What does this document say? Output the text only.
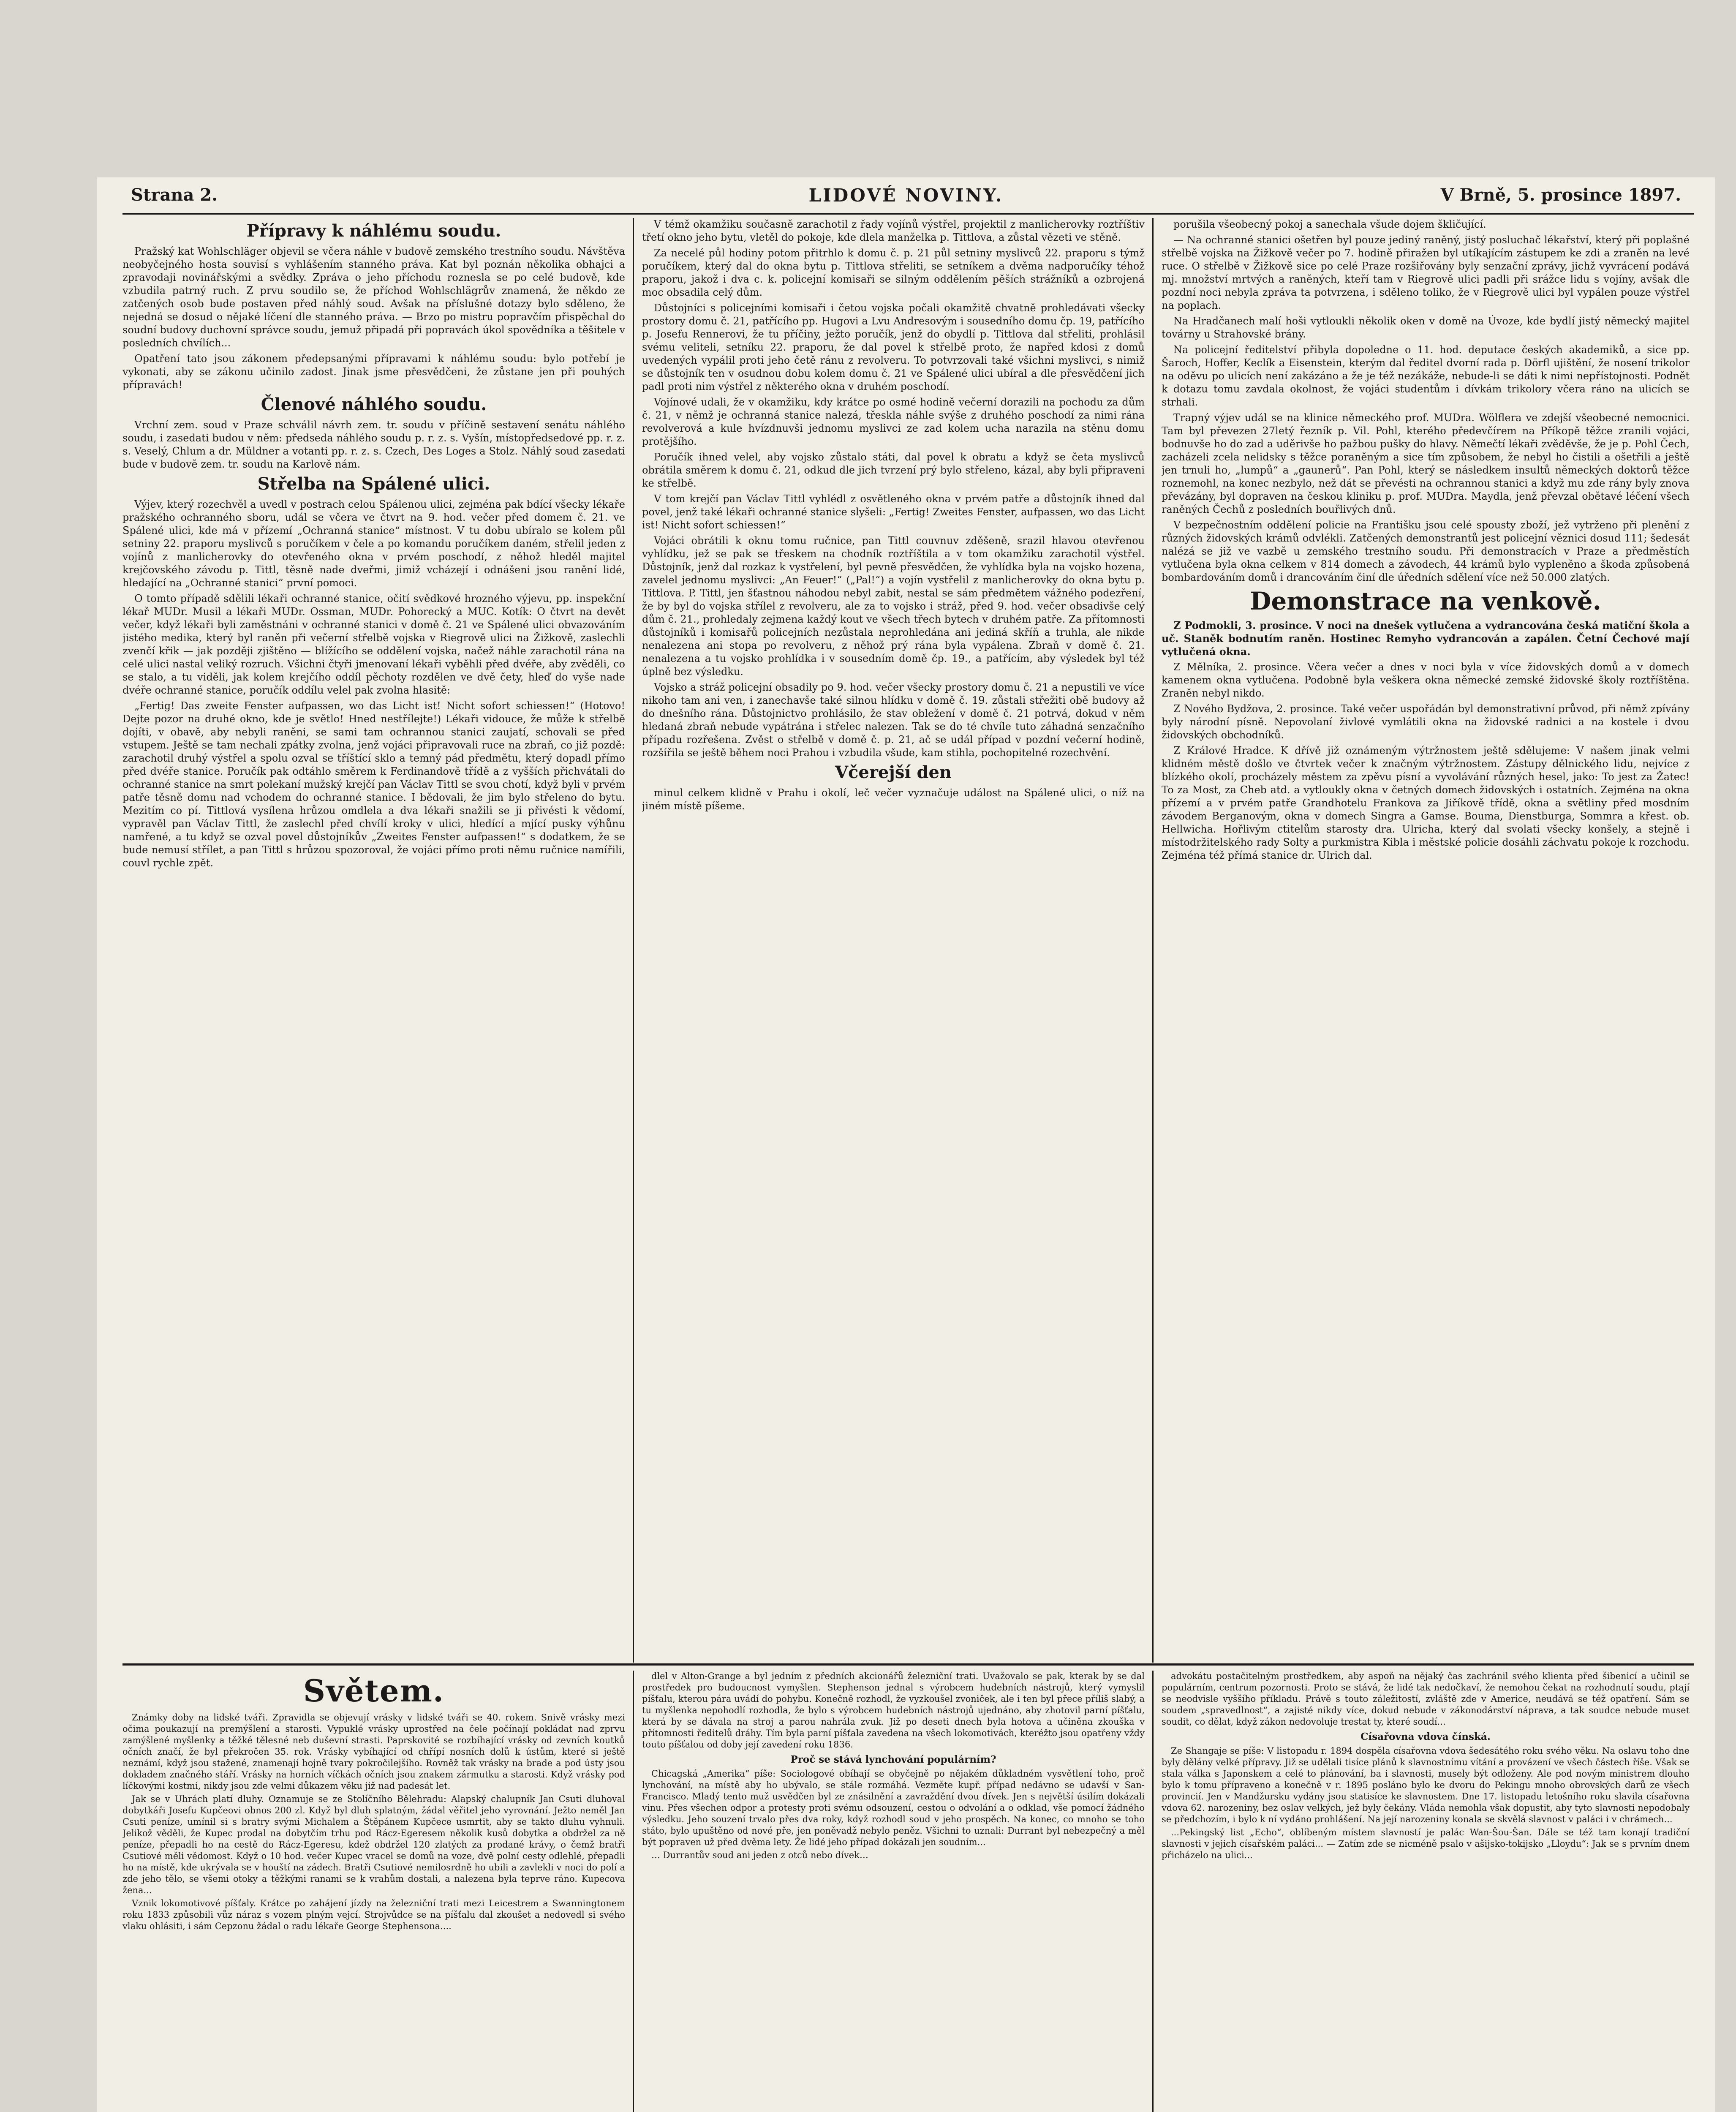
Strana 2.	LIDOVÉ NOVINY.	V Brně, 5. prosince 1897.
Přípravy k náhlému soudu.

Pražský kat Wohlschläger objevil se včera náhle v budově zemského trestního soudu. Návštěva neobyčejného hosta souvisí s vyhlášením stanného práva. Kat byl poznán několika obhajci a zpravodaji novinářskými a svědky. Zpráva o jeho příchodu roznesla se po celé budově, kde vzbudila patrný ruch. Z prvu soudilo se, že příchod Wohlschlägrův znamená, že někdo ze zatčených osob bude postaven před náhlý soud. Avšak na příslušné dotazy bylo sděleno, že nejedná se dosud o nějaké líčení dle stanného práva. — Brzo po mistru popravčím přispěchal do soudní budovy duchovní správce soudu, jemuž připadá při popravách úkol spovědníka a těšitele v posledních chvílích...

Opatření tato jsou zákonem předepsanými přípravami k náhlému soudu: bylo potřebí je vykonati, aby se zákonu učinilo zadost. Jinak jsme přesvědčeni, že zůstane jen při pouhých přípravách!

Členové náhlého soudu.

Vrchní zem. soud v Praze schválil návrh zem. tr. soudu v příčině sestavení senátu náhlého soudu, i zasedati budou v něm: předseda náhlého soudu p. r. z. s. Vyšín, místopředsedové pp. r. z. s. Veselý, Chlum a dr. Müldner a votanti pp. r. z. s. Czech, Des Loges a Stolz. Náhlý soud zasedati bude v budově zem. tr. soudu na Karlově nám.

Střelba na Spálené ulici.

Výjev, který rozechvěl a uvedl v postrach celou Spálenou ulici, zejména pak bdící všecky lékaře pražského ochranného sboru, udál se včera ve čtvrt na 9. hod. večer před domem č. 21. ve Spálené ulici, kde má v přízemí „Ochranná stanice“ místnost. V tu dobu ubíralo se kolem půl setniny 22. praporu myslivců s poručíkem v čele a po komandu poručíkem daném, střelil jeden z vojínů z manlicherovky do otevřeného okna v prvém poschodí, z něhož hleděl majitel krejčovského závodu p. Tittl, těsně nade dveřmi, jimiž vcházejí i odnášeni jsou ranění lidé, hledající na „Ochranné stanici“ první pomoci.

O tomto případě sdělili lékaři ochranné stanice, očití svědkové hrozného výjevu, pp. inspekční lékař MUDr. Musil a lékaři MUDr. Ossman, MUDr. Pohorecký a MUC. Kotík: O čtvrt na devět večer, když lékaři byli zaměstnáni v ochranné stanici v domě č. 21 ve Spálené ulici obvazováním jistého medika, který byl raněn při večerní střelbě vojska v Riegrově ulici na Žižkově, zaslechli zvenčí křik — jak později zjištěno — blížícího se oddělení vojska, načež náhle zarachotil rána na celé ulici nastal veliký rozruch. Všichni čtyři jmenovaní lékaři vyběhli před dvéře, aby zvěděli, co se stalo, a tu viděli, jak kolem krejčího oddíl pěchoty rozdělen ve dvě čety, hleď do vyše nade dvéře ochranné stanice, poručík oddílu velel pak zvolna hlasitě:

„Fertig! Das zweite Fenster aufpassen, wo das Licht ist! Nicht sofort schiessen!“ (Hotovo! Dejte pozor na druhé okno, kde je světlo! Hned nestřílejte!) Lékaři vidouce, že může k střelbě dojíti, v obavě, aby nebyli raněni, se sami tam ochrannou stanici zaujatí, schovali se před vstupem. Ještě se tam nechali zpátky zvolna, jenž vojáci připravovali ruce na zbraň, co již pozdě: zarachotil druhý výstřel a spolu ozval se tříštící sklo a temný pád předmětu, který dopadl přímo před dvéře stanice. Poručík pak odtáhlo směrem k Ferdinandově třídě a z vyšších přichvátali do ochranné stanice na smrt polekaní mužský krejčí pan Václav Tittl se svou chotí, když byli v prvém patře těsně domu nad vchodem do ochranné stanice. I bědovali, že jim bylo střeleno do bytu. Mezitím co pí. Tittlová vysílena hrůzou omdlela a dva lékaři snažili se ji přivésti k vědomí, vypravěl pan Václav Tittl, že zaslechl před chvílí kroky v ulici, hledící a mjící pusky výhůnu namřené, a tu když se ozval povel důstojníkův „Zweites Fenster aufpassen!“ s dodatkem, že se bude nemusí střílet, a pan Tittl s hrůzou spozoroval, že vojáci přímo proti němu ručnice namířili, couvl rychle zpět.

V témž okamžiku současně zarachotil z řady vojínů výstřel, projektil z manlicherovky roztříštiv třetí okno jeho bytu, vletěl do pokoje, kde dlela manželka p. Tittlova, a zůstal vězeti ve stěně.

Za necelé půl hodiny potom přitrhlo k domu č. p. 21 půl setniny myslivců 22. praporu s týmž poručíkem, který dal do okna bytu p. Tittlova střeliti, se setníkem a dvěma nadporučíky téhož praporu, jakož i dva c. k. policejní komisaři se silným oddělením pěších strážníků a ozbrojená moc obsadila celý dům.

Důstojníci s policejními komisaři i četou vojska počali okamžitě chvatně prohledávati všecky prostory domu č. 21, patřícího pp. Hugovi a Lvu Andresovým i sousedního domu čp. 19, patřícího p. Josefu Rennerovi, že tu příčiny, ježto poručík, jenž do obydlí p. Tittlova dal střeliti, prohlásil svému veliteli, setníku 22. praporu, že dal povel k střelbě proto, že napřed kdosi z domů uvedených vypálil proti jeho četě ránu z revolveru. To potvrzovali také všichni myslivci, s nimiž se důstojník ten v osudnou dobu kolem domu č. 21 ve Spálené ulici ubíral a dle přesvědčení jich padl proti nim výstřel z některého okna v druhém poschodí.

Vojínové udali, že v okamžiku, kdy krátce po osmé hodině večerní dorazili na pochodu za dům č. 21, v němž je ochranná stanice nalezá, třeskla náhle svýše z druhého poschodí za nimi rána revolverová a kule hvízdnuvši jednomu myslivci ze zad kolem ucha narazila na stěnu domu protějšího.

Poručík ihned velel, aby vojsko zůstalo státi, dal povel k obratu a když se četa myslivců obrátila směrem k domu č. 21, odkud dle jich tvrzení prý bylo střeleno, kázal, aby byli připraveni ke střelbě.

V tom krejčí pan Václav Tittl vyhlédl z osvětleného okna v prvém patře a důstojník ihned dal povel, jenž také lékaři ochranné stanice slyšeli: „Fertig! Zweites Fenster, aufpassen, wo das Licht ist! Nicht sofort schiessen!“

Vojáci obrátili k oknu tomu ručnice, pan Tittl couvnuv zděšeně, srazil hlavou otevřenou vyhlídku, jež se pak se třeskem na chodník roztříštila a v tom okamžiku zarachotil výstřel. Důstojník, jenž dal rozkaz k vystřelení, byl pevně přesvědčen, že vyhlídka byla na vojsko hozena, zavelel jednomu myslivci: „An Feuer!“ („Pal!“) a vojín vystřelil z manlicherovky do okna bytu p. Tittlova. P. Tittl, jen šťastnou náhodou nebyl zabit, nestal se sám předmětem vážného podezření, že by byl do vojska střílel z revolveru, ale za to vojsko i stráž, před 9. hod. večer obsadivše celý dům č. 21., prohledaly zejmena každý kout ve všech třech bytech v druhém patře. Za přítomnosti důstojníků i komisařů policejních nezůstala neprohledána ani jediná skříň a truhla, ale nikde nenalezena ani stopa po revolveru, z něhož prý rána byla vypálena. Zbraň v domě č. 21. nenalezena a tu vojsko prohlídka i v sousedním domě čp. 19., a patřícím, aby výsledek byl též úplně bez výsledku.

Vojsko a stráž policejní obsadily po 9. hod. večer všecky prostory domu č. 21 a nepustili ve více nikoho tam ani ven, i zanechavše také silnou hlídku v domě č. 19. zůstali střežiti obě budovy až do dnešního rána. Důstojnictvo prohlásilo, že stav obležení v domě č. 21 potrvá, dokud v něm hledaná zbraň nebude vypátrána i střelec nalezen. Tak se do té chvíle tuto záhadná senzačního případu rozřešena. Zvěst o střelbě v domě č. p. 21, ač se udál případ v pozdní večerní hodině, rozšířila se ještě během noci Prahou i vzbudila všude, kam stihla, pochopitelné rozechvění.

Včerejší den

minul celkem klidně v Prahu i okolí, leč večer vyznačuje událost na Spálené ulici, o níž na jiném místě píšeme.

porušila všeobecný pokoj a sanechala všude dojem škličující.

— Na ochranné stanici ošetřen byl pouze jediný raněný, jistý posluchač lékařství, který při poplašné střelbě vojska na Žižkově večer po 7. hodině přiražen byl utíkajícím zástupem ke zdi a zraněn na levé ruce. O střelbě v Žižkově sice po celé Praze rozšiřovány byly senzační zprávy, jichž vyvrácení podává mj. množství mrtvých a raněných, kteří tam v Riegrově ulici padli při srážce lidu s vojíny, avšak dle pozdní noci nebyla zpráva ta potvrzena, i sděleno toliko, že v Riegrově ulici byl vypálen pouze výstřel na poplach.

Na Hradčanech malí hoši vytloukli několik oken v domě na Úvoze, kde bydlí jistý německý majitel továrny u Strahovské brány.

Na policejní ředitelství přibyla dopoledne o 11. hod. deputace českých akademiků, a sice pp. Šaroch, Hoffer, Keclík a Eisenstein, kterým dal ředitel dvorní rada p. Dörfl ujištění, že nosení trikolor na oděvu po ulicích není zakázáno a že je též nezákáže, nebude-li se dáti k nimi nepřístojnosti. Podnět k dotazu tomu zavdala okolnost, že vojáci studentům i dívkám trikolory včera ráno na ulicích se strhali.

Trapný výjev udál se na klinice německého prof. MUDra. Wölflera ve zdejší všeobecné nemocnici. Tam byl převezen 27letý řezník p. Vil. Pohl, kterého předevčírem na Příkopě těžce zranili vojáci, bodnuvše ho do zad a uděrivše ho pažbou pušky do hlavy. Němečtí lékaři zvěděvše, že je p. Pohl Čech, zacházeli zcela nelidsky s těžce poraněným a sice tím způsobem, že nebyl ho čistili a ošetřili a ještě jen trnuli ho, „lumpů“ a „gaunerů“. Pan Pohl, který se následkem insultů německých doktorů těžce roznemohl, na konec nezbylo, než dát se převésti na ochrannou stanici a když mu zde rány byly znova převázány, byl dopraven na českou kliniku p. prof. MUDra. Maydla, jenž převzal obětavé léčení všech raněných Čechů z posledních bouřlivých dnů.

V bezpečnostním oddělení policie na Františku jsou celé spousty zboží, jež vytrženo při plenění z různých židovských krámů odvlékli. Zatčených demonstrantů jest policejní věznici dosud 111; šedesát nalézá se již ve vazbě u zemského trestního soudu. Při demonstracích v Praze a předměstích vytlučena byla okna celkem v 814 domech a závodech, 44 krámů bylo vypleněno a škoda způsobená bombardováním domů i drancováním činí dle úředních sdělení více než 50.000 zlatých.

Demonstrace na venkově.

Z Podmokli, 3. prosince. V noci na dnešek vytlučena a vydrancována česká matiční škola a uč. Staněk bodnutím raněn. Hostinec Remyho vydrancován a zapálen. Četní Čechové mají vytlučená okna.

Z Mělníka, 2. prosince. Včera večer a dnes v noci byla v více židovských domů a v domech kamenem okna vytlučena. Podobně byla veškera okna německé zemské židovské školy roztříštěna. Zraněn nebyl nikdo.

Z Nového Bydžova, 2. prosince. Také večer uspořádán byl demonstrativní průvod, při němž zpívány byly národní písně. Nepovolaní živlové vymlátili okna na židovské radnici a na kostele i dvou židovských obchodníků.

Z Králové Hradce. K dřívě již oznámeným výtržnostem ještě sdělujeme: V našem jinak velmi klidném městě došlo ve čtvrtek večer k značným výtržnostem. Zástupy dělnického lidu, nejvíce z blízkého okolí, procházely městem za zpěvu písní a vyvolávání různých hesel, jako: To jest za Žatec! To za Most, za Cheb atd. a vytloukly okna v četných domech židovských i ostatních. Zejména na okna přízemí a v prvém patře Grandhotelu Frankova za Jiříkově třídě, okna a světliny před mosdním závodem Berganovým, okna v domech Singra a Gamse. Bouma, Dienstburga, Sommra a křest. ob. Hellwicha. Hořlivým ctitelům starosty dra. Ulricha, který dal svolati všecky konšely, a stejně i místodržitelského rady Solty a purkmistra Kibla i městské policie dosáhli záchvatu pokoje k rozchodu. Zejména též přímá stanice dr. Ulrich dal.

Světem.

Známky doby na lidské tváři. Zpravidla se objevují vrásky v lidské tváři se 40. rokem. Snivě vrásky mezi očima poukazují na premýšlení a starosti. Vypuklé vrásky uprostřed na čele počínají pokládat nad zprvu zamýšlené myšlenky a těžké tělesné neb duševní strasti. Paprskovité se rozbíhající vrásky od zevních koutků očních značí, že byl překročen 35. rok. Vrásky vybíhající od chřípí nosních dolů k ústům, které si ještě neznámí, když jsou stažené, znamenají hojně tvary pokročilejšího. Rovněž tak vrásky na brade a pod ústy jsou dokladem značného stáří. Vrásky na horních víčkách očních jsou znakem zármutku a starosti. Když vrásky pod líčkovými kostmi, nikdy jsou zde velmi důkazem věku již nad padesát let.

Jak se v Uhrách platí dluhy. Oznamuje se ze Stolíčního Bělehradu: Alapský chalupník Jan Csuti dluhoval dobytkáři Josefu Kupčeovi obnos 200 zl. Když byl dluh splatným, žádal věřitel jeho vyrovnání. Ježto neměl Jan Csuti peníze, umínil si s bratry svými Michalem a Štěpánem Kupčece usmrtit, aby se takto dluhu vyhnuli. Jelikož věděli, že Kupec prodal na dobytčím trhu pod Rácz-Egeresem několik kusů dobytka a obdržel za ně peníze, přepadli ho na cestě do Rácz-Egeresu, kdež obdržel 120 zlatých za prodané krávy, o čemž bratři Csutiové měli vědomost. Když o 10 hod. večer Kupec vracel se domů na voze, dvě polní cesty odlehlé, přepadli ho na místě, kde ukrývala se v houští na zádech. Bratři Csutiové nemilosrdně ho ubili a zavlekli v noci do polí a zde jeho tělo, se všemi otoky a těžkými ranami se k vrahům dostali, a nalezena byla teprve ráno. Kupecova žena...

Vznik lokomotivové píšťaly. Krátce po zahájení jízdy na železniční trati mezi Leicestrem a Swanningtonem roku 1833 způsobili vůz náraz s vozem plným vejcí. Strojvůdce se na píšťalu dal zkoušet a nedovedl si svého vlaku ohlásiti, i sám Cepzonu žádal o radu lékaře George Stephensona....

dlel v Alton-Grange a byl jedním z předních akcionářů železniční trati. Uvažovalo se pak, kterak by se dal prostředek pro budoucnost vymyšlen. Stephenson jednal s výrobcem hudebních nástrojů, který vymyslil píšťalu, kterou pára uvádí do pohybu. Konečně rozhodl, že vyzkoušel zvoniček, ale i ten byl přece příliš slabý, a tu myšlenka nepohodlí rozhodla, že bylo s výrobcem hudebních nástrojů ujednáno, aby zhotovil parní píšťalu, která by se dávala na stroj a parou nahrála zvuk. Již po deseti dnech byla hotova a učiněna zkouška v přítomnosti ředitelů dráhy. Tím byla parní píšťala zavedena na všech lokomotivách, kteréžto jsou opatřeny vždy touto píšťalou od doby její zavedení roku 1836.

Proč se stává lynchování populárním?

Chicagská „Amerika“ píše: Sociologové obíhají se obyčejně po nějakém důkladném vysvětlení toho, proč lynchování, na místě aby ho ubývalo, se stále rozmáhá. Vezměte kupř. případ nedávno se udavší v San-Francisco. Mladý tento muž usvědčen byl ze znásilnění a zavraždění dvou dívek. Jen s největší úsilím dokázali vinu. Přes všechen odpor a protesty proti svému odsouzení, cestou o odvolání a o odklad, vše pomocí žádného výsledku. Jeho souzení trvalo přes dva roky, když rozhodl soud v jeho prospěch. Na konec, co mnoho se toho státo, bylo upuštěno od nové pře, jen poněvadž nebylo peněz. Všichni to uznali: Durrant byl nebezpečný a měl být popraven už před dvěma lety. Že lidé jeho případ dokázali jen soudním...

… Durrantův soud ani jeden z otců nebo dívek…

advokátu postačitelným prostředkem, aby aspoň na nějaký čas zachránil svého klienta před šibenicí a učinil se populárním, centrum pozornosti. Proto se stává, že lidé tak nedočkaví, že nemohou čekat na rozhodnutí soudu, ptají se neodvisle vyššího příkladu. Právě s touto záležitostí, zvláště zde v Americe, neudává se též opatření. Sám se soudem „spravedlnost“, a zajisté nikdy více, dokud nebude v zákonodárství náprava, a tak soudce nebude muset soudit, co dělat, když zákon nedovoluje trestat ty, které soudí...

Císařovna vdova čínská.

Ze Shangaje se píše: V listopadu r. 1894 dospěla císařovna vdova šedesátého roku svého věku. Na oslavu toho dne byly dělány velké přípravy. Již se udělali tisíce plánů k slavnostnímu vítání a provázení ve všech částech říše. Však se stala válka s Japonskem a celé to plánování, ba i slavnosti, musely být odloženy. Ale pod novým ministrem dlouho bylo k tomu přípraveno a konečně v r. 1895 posláno bylo ke dvoru do Pekingu mnoho obrovských darů ze všech provincií. Jen v Mandžursku vydány jsou statisíce ke slavnostem. Dne 17. listopadu letošního roku slavila císařovna vdova 62. narozeniny, bez oslav velkých, jež byly čekány. Vláda nemohla však dopustit, aby tyto slavnosti nepodobaly se předchozím, i bylo k ní vydáno prohlášení. Na její narozeniny konala se skvělá slavnost v paláci i v chrámech...

...Pekingský list „Echo“, oblíbeným místem slavností je palác Wan-Šou-Šan. Dále se též tam konají tradiční slavnosti v jejich císařském paláci... — Zatím zde se nicméně psalo v ašijsko-tokijsko „Lloydu“: Jak se s prvním dnem přicházelo na ulici...
